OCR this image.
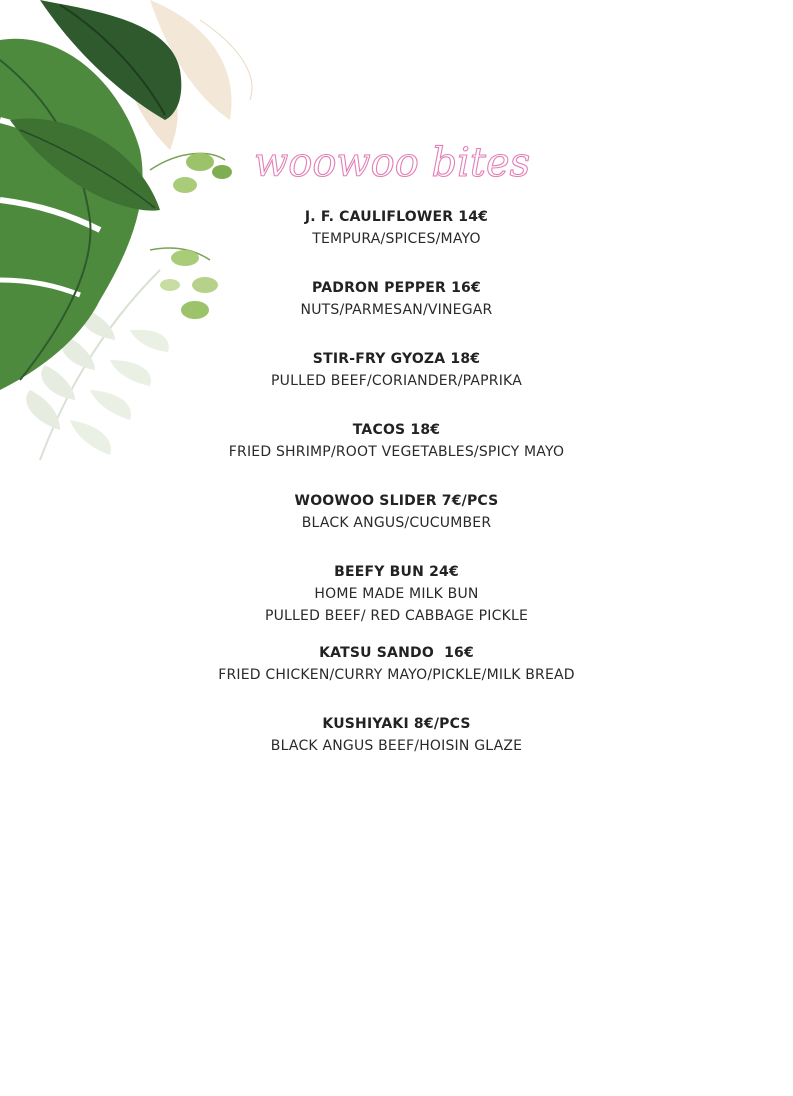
woowoo bites
J. F. CAULIFLOWER 14€
TEMPURA/SPICES/MAYO
PADRON PEPPER 16€
NUTS/PARMESAN/VINEGAR
STIR-FRY GYOZA 18€
PULLED BEEF/CORIANDER/PAPRIKA
TACOS 18€
FRIED SHRIMP/ROOT VEGETABLES/SPICY MAYO
WOOWOO SLIDER 7€/PCS
BLACK ANGUS/CUCUMBER
BEEFY BUN 24€
HOME MADE MILK BUN
PULLED BEEF/ RED CABBAGE PICKLE
KATSU SANDO  16€
FRIED CHICKEN/CURRY MAYO/PICKLE/MILK BREAD
KUSHIYAKI 8€/PCS
BLACK ANGUS BEEF/HOISIN GLAZE
